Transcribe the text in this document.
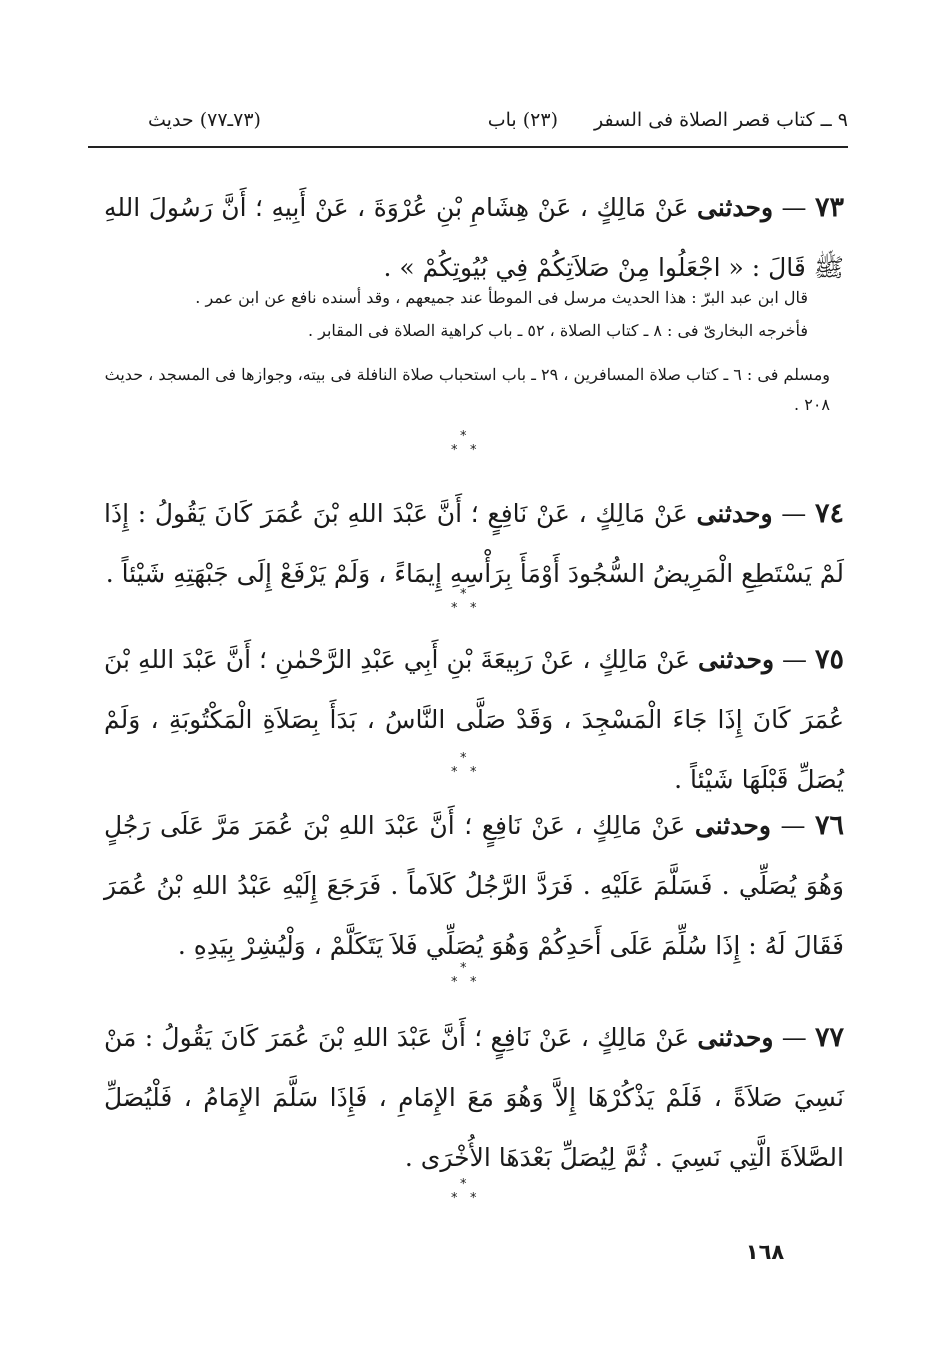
٩ ــ كتاب قصر الصلاة فى السفر
(٢٣) باب
(٧٣ـ٧٧) حديث
٧٣ — وحدثنى عَنْ مَالِكٍ ، عَنْ هِشَامِ بْنِ عُرْوَةَ ، عَنْ أَبِيهِ ؛ أَنَّ رَسُولَ اللهِ ﷺ قَالَ : « اجْعَلُوا مِنْ صَلاَتِكُمْ فِي بُيُوتِكُمْ » .
قال ابن عبد البرّ : هذا الحديث مرسل فى الموطأ عند جميعهم ، وقد أسنده نافع عن ابن عمر .
فأخرجه البخارىّ فى : ٨ ـ كتاب الصلاة ، ٥٢ ـ باب كراهية الصلاة فى المقابر .
ومسلم فى : ٦ ـ كتاب صلاة المسافرين ، ٢٩ ـ باب استحباب صلاة النافلة فى بيته، وجوازها فى المسجد ، حديث ٢٠٨ .
*
* *
٧٤ — وحدثنى عَنْ مَالِكٍ ، عَنْ نَافِعٍ ؛ أَنَّ عَبْدَ اللهِ بْنَ عُمَرَ كَانَ يَقُولُ : إِذَا لَمْ يَسْتَطِعِ الْمَرِيضُ السُّجُودَ أَوْمَأَ بِرَأْسِهِ إِيمَاءً ، وَلَمْ يَرْفَعْ إِلَى جَبْهَتِهِ شَيْئاً .
*
* *
٧٥ — وحدثنى عَنْ مَالِكٍ ، عَنْ رَبِيعَةَ بْنِ أَبِي عَبْدِ الرَّحْمٰنِ ؛ أَنَّ عَبْدَ اللهِ بْنَ عُمَرَ كَانَ إِذَا جَاءَ الْمَسْجِدَ ، وَقَدْ صَلَّى النَّاسُ ، بَدَأَ بِصَلاَةِ الْمَكْتُوبَةِ ، وَلَمْ يُصَلِّ قَبْلَهَا شَيْئاً .
*
* *
٧٦ — وحدثنى عَنْ مَالِكٍ ، عَنْ نَافِعٍ ؛ أَنَّ عَبْدَ اللهِ بْنَ عُمَرَ مَرَّ عَلَى رَجُلٍ وَهُوَ يُصَلِّي . فَسَلَّمَ عَلَيْهِ . فَرَدَّ الرَّجُلُ كَلاَماً . فَرَجَعَ إِلَيْهِ عَبْدُ اللهِ بْنُ عُمَرَ فَقَالَ لَهُ : إِذَا سُلِّمَ عَلَى أَحَدِكُمْ وَهُوَ يُصَلِّي فَلاَ يَتَكَلَّمْ ، وَلْيُشِرْ بِيَدِهِ .
*
* *
٧٧ — وحدثنى عَنْ مَالِكٍ ، عَنْ نَافِعٍ ؛ أَنَّ عَبْدَ اللهِ بْنَ عُمَرَ كَانَ يَقُولُ : مَنْ نَسِيَ صَلاَةً ، فَلَمْ يَذْكُرْهَا إِلاَّ وَهُوَ مَعَ الإِمَامِ ، فَإِذَا سَلَّمَ الإِمَامُ ، فَلْيُصَلِّ الصَّلاَةَ الَّتِي نَسِيَ . ثُمَّ لِيُصَلِّ بَعْدَهَا الأُخْرَى .
*
* *
١٦٨
